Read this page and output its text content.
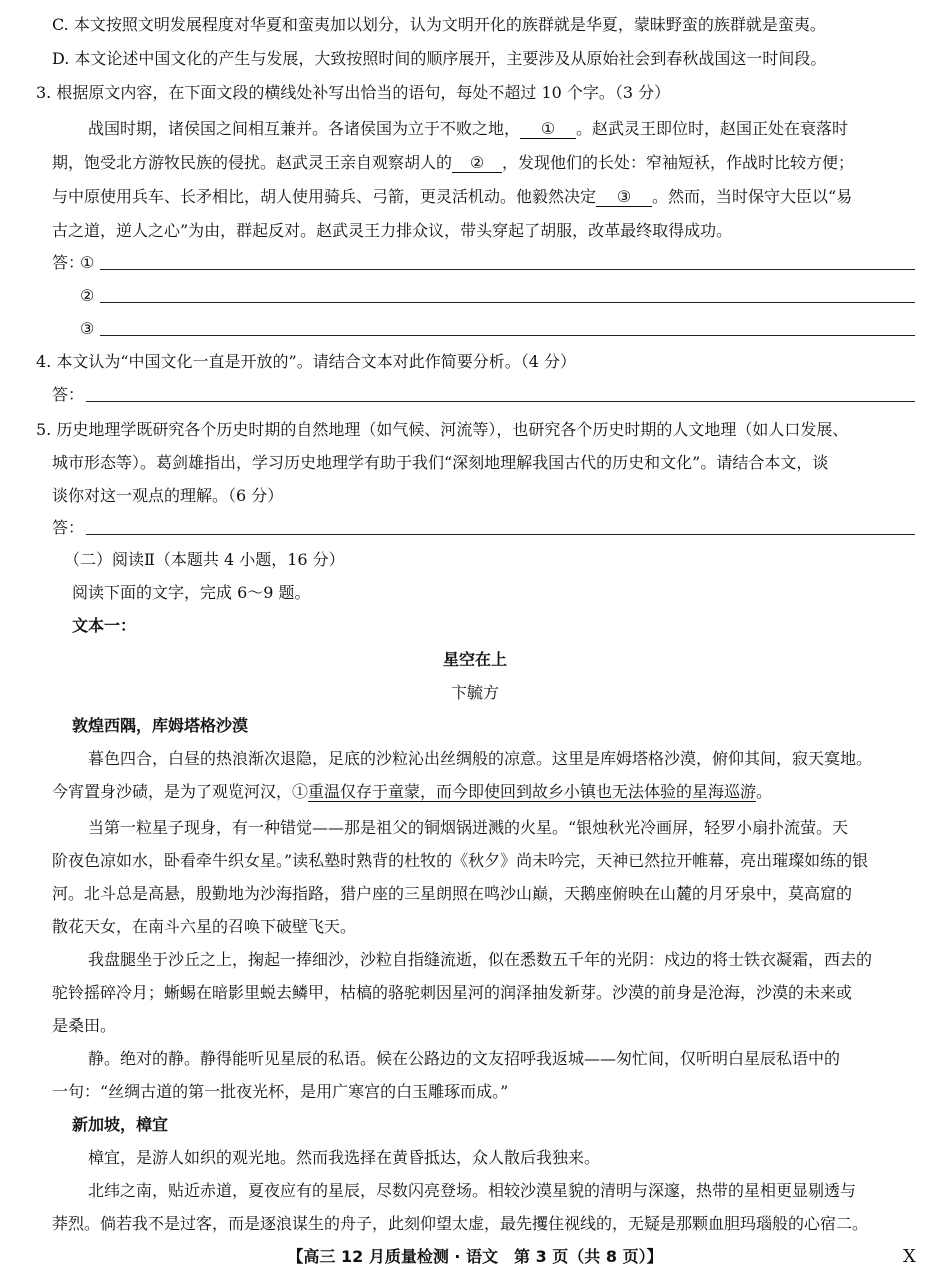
C. 本文按照文明发展程度对华夏和蛮夷加以划分，认为文明开化的族群就是华夏，蒙昧野蛮的族群就是蛮夷。
D. 本文论述中国文化的产生与发展，大致按照时间的顺序展开，主要涉及从原始社会到春秋战国这一时间段。
3. 根据原文内容，在下面文段的横线处补写出恰当的语句，每处不超过 10 个字。（3 分）
战国时期，诸侯国之间相互兼并。各诸侯国为立于不败之地， ① 。赵武灵王即位时，赵国正处在衰落时
期，饱受北方游牧民族的侵扰。赵武灵王亲自观察胡人的 ② ，发现他们的长处：窄袖短袄，作战时比较方便；
与中原使用兵车、长矛相比，胡人使用骑兵、弓箭，更灵活机动。他毅然决定 ③ 。然而，当时保守大臣以“易
古之道，逆人之心”为由，群起反对。赵武灵王力排众议，带头穿起了胡服，改革最终取得成功。
答：
①
②
③
4. 本文认为“中国文化一直是开放的”。请结合文本对此作简要分析。（4 分）
答：
5. 历史地理学既研究各个历史时期的自然地理（如气候、河流等），也研究各个历史时期的人文地理（如人口发展、
城市形态等）。葛剑雄指出，学习历史地理学有助于我们“深刻地理解我国古代的历史和文化”。请结合本文，谈
谈你对这一观点的理解。（6 分）
答：
（二）阅读Ⅱ（本题共 4 小题，16 分）
阅读下面的文字，完成 6～9 题。
文本一：
星空在上
卞毓方
敦煌西隅，库姆塔格沙漠
暮色四合，白昼的热浪渐次退隐，足底的沙粒沁出丝绸般的凉意。这里是库姆塔格沙漠，俯仰其间，寂天寞地。
今宵置身沙碛，是为了观览河汉，①重温仅存于童蒙，而今即使回到故乡小镇也无法体验的星海巡游。
当第一粒星子现身，有一种错觉——那是祖父的铜烟锅迸溅的火星。“银烛秋光冷画屏，轻罗小扇扑流萤。天
阶夜色凉如水，卧看牵牛织女星。”读私塾时熟背的杜牧的《秋夕》尚未吟完，天神已然拉开帷幕，亮出璀璨如练的银
河。北斗总是高悬，殷勤地为沙海指路，猎户座的三星朗照在鸣沙山巅，天鹅座俯映在山麓的月牙泉中，莫高窟的
散花天女，在南斗六星的召唤下破壁飞天。
我盘腿坐于沙丘之上，掬起一捧细沙，沙粒自指缝流逝，似在悉数五千年的光阴：戍边的将士铁衣凝霜，西去的
驼铃摇碎冷月；蜥蜴在暗影里蜕去鳞甲，枯槁的骆驼刺因星河的润泽抽发新芽。沙漠的前身是沧海，沙漠的未来或
是桑田。
静。绝对的静。静得能听见星辰的私语。候在公路边的文友招呼我返城——匆忙间，仅听明白星辰私语中的
一句：“丝绸古道的第一批夜光杯，是用广寒宫的白玉雕琢而成。”
新加坡，樟宜
樟宜，是游人如织的观光地。然而我选择在黄昏抵达，众人散后我独来。
北纬之南，贴近赤道，夏夜应有的星辰，尽数闪亮登场。相较沙漠星貌的清明与深邃，热带的星相更显剔透与
莽烈。倘若我不是过客，而是逐浪谋生的舟子，此刻仰望太虚，最先攫住视线的，无疑是那颗血胆玛瑙般的心宿二。
【高三 12 月质量检测 · 语文　第 3 页（共 8 页）】	X
